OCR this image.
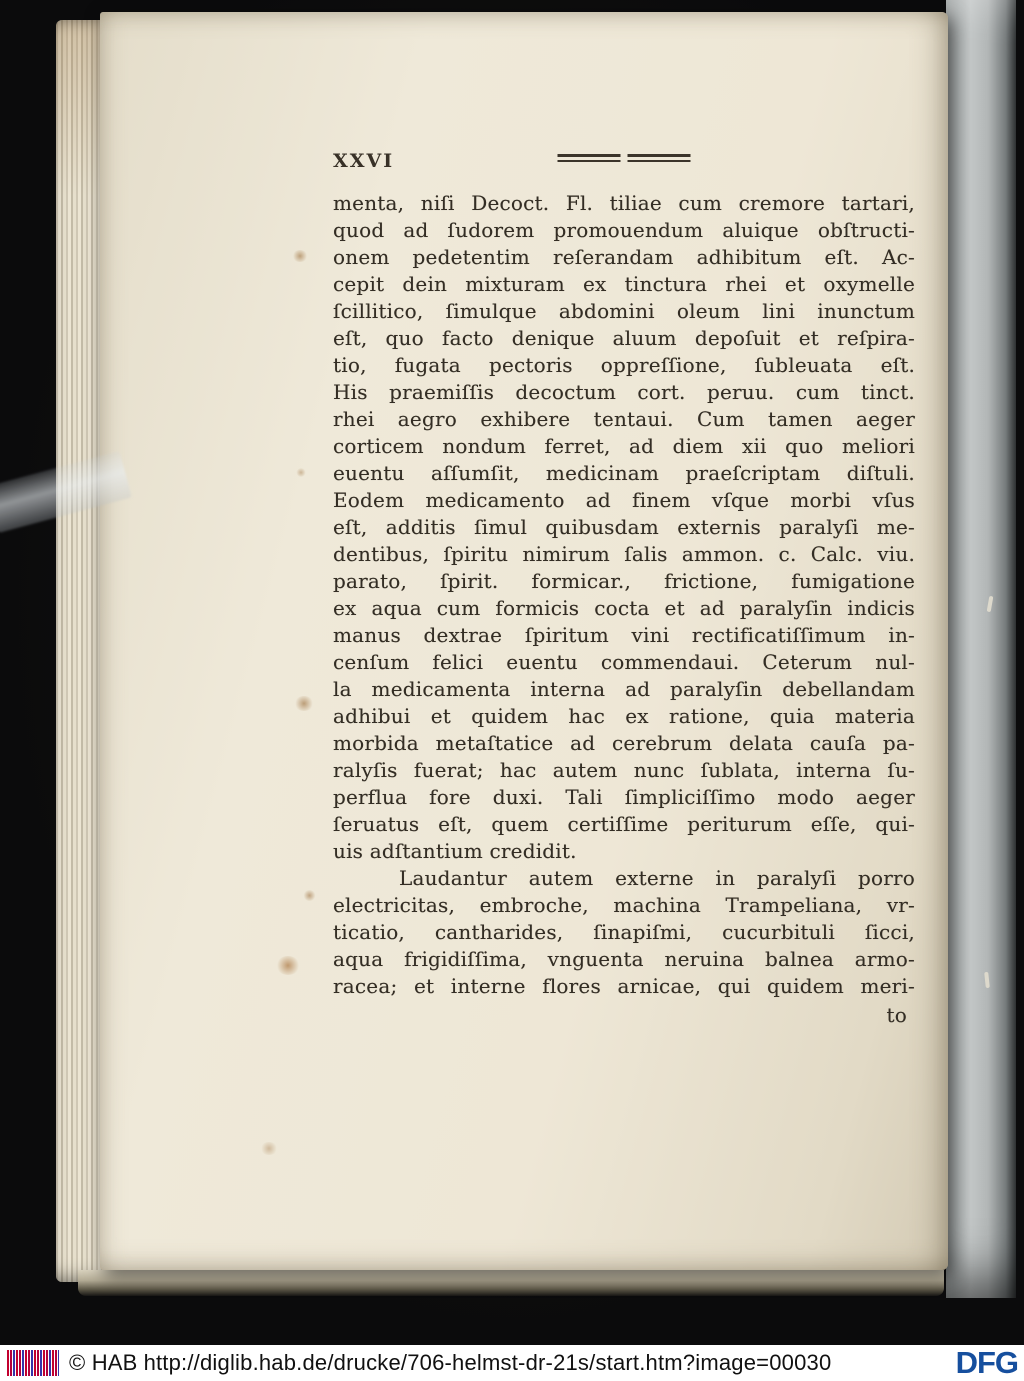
XXVI
menta, niſi Decoct. Fl. tiliae cum cremore tartari,
quod ad ſudorem promouendum aluique obſtructi-
onem pedetentim reſerandam adhibitum eſt. Ac-
cepit dein mixturam ex tinctura rhei et oxymelle
ſcillitico, ſimulque abdomini oleum lini inunctum
eſt, quo facto denique aluum depoſuit et reſpira-
tio, fugata pectoris oppreſſione, ſubleuata eſt.
His praemiſſis decoctum cort. peruu. cum tinct.
rhei aegro exhibere tentaui. Cum tamen aeger
corticem nondum ferret, ad diem xii quo meliori
euentu aſſumſit, medicinam praeſcriptam diſtuli.
Eodem medicamento ad finem vſque morbi vſus
eſt, additis ſimul quibusdam externis paralyſi me-
dentibus, ſpiritu nimirum ſalis ammon. c. Calc. viu.
parato, ſpirit. formicar., frictione, fumigatione
ex aqua cum formicis cocta et ad paralyſin indicis
manus dextrae ſpiritum vini rectificatiſſimum in-
cenſum felici euentu commendaui. Ceterum nul-
la medicamenta interna ad paralyſin debellandam
adhibui et quidem hac ex ratione, quia materia
morbida metaſtatice ad cerebrum delata cauſa pa-
ralyſis fuerat; hac autem nunc ſublata, interna ſu-
perflua fore duxi. Tali ſimpliciſſimo modo aeger
ſeruatus eſt, quem certiſſime periturum eſſe, qui-
uis adſtantium credidit.
Laudantur autem externe in paralyſi porro
electricitas, embroche, machina Trampeliana, vr-
ticatio, cantharides, ſinapiſmi, cucurbituli ſicci,
aqua frigidiſſima, vnguenta neruina balnea armo-
racea; et interne flores arnicae, qui quidem meri-
to
© HAB http://diglib.hab.de/drucke/706-helmst-dr-21s/start.htm?image=00030	DFG
